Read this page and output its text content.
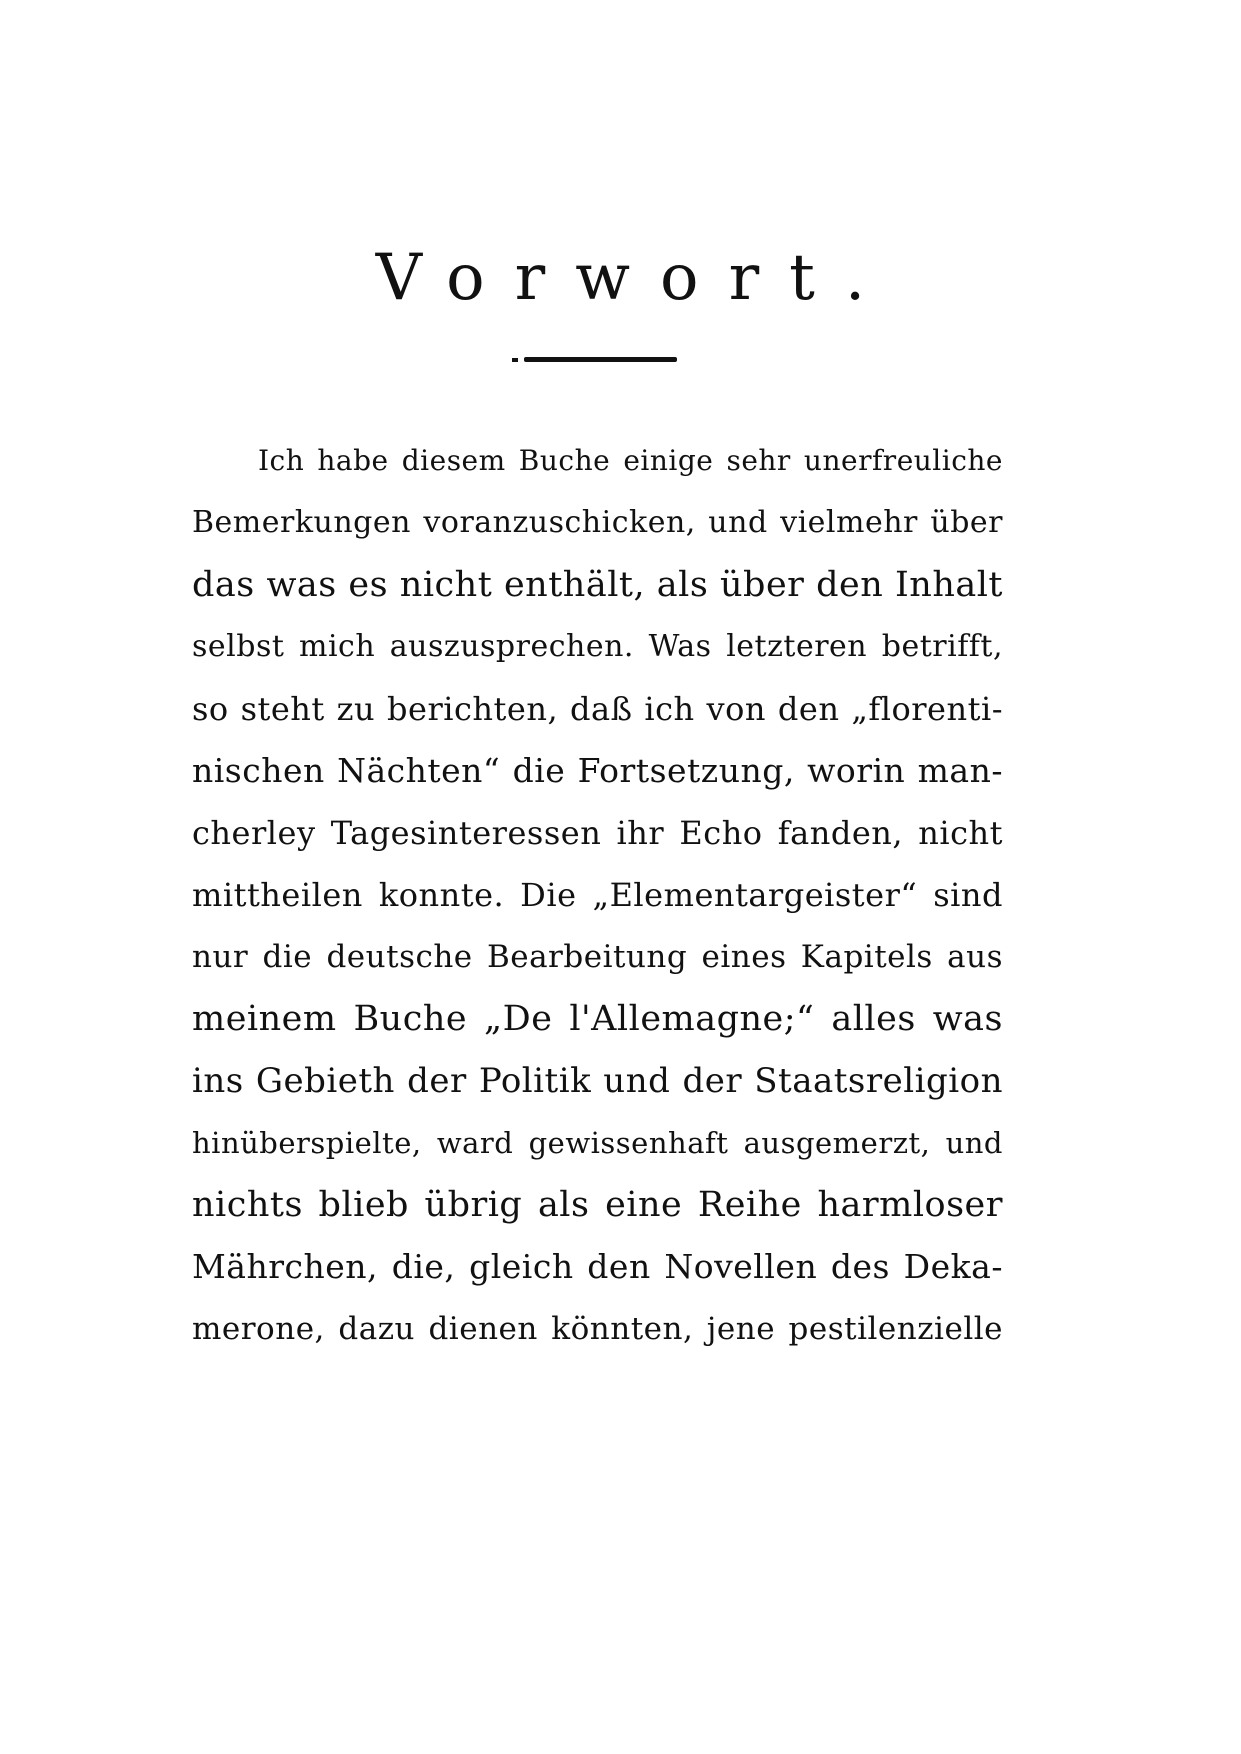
Vorwort.
Ich habe diesem Buche einige sehr unerfreuliche
Bemerkungen voranzuschicken, und vielmehr über
das was es nicht enthält, als über den Inhalt
selbst mich auszusprechen. Was letzteren betrifft,
so steht zu berichten, daß ich von den „florenti-
nischen Nächten“ die Fortsetzung, worin man-
cherley Tagesinteressen ihr Echo fanden, nicht
mittheilen konnte. Die „Elementargeister“ sind
nur die deutsche Bearbeitung eines Kapitels aus
meinem Buche „De l'Allemagne;“ alles was
ins Gebieth der Politik und der Staatsreligion
hinüberspielte, ward gewissenhaft ausgemerzt, und
nichts blieb übrig als eine Reihe harmloser
Mährchen, die, gleich den Novellen des Deka-
merone, dazu dienen könnten, jene pestilenzielle
